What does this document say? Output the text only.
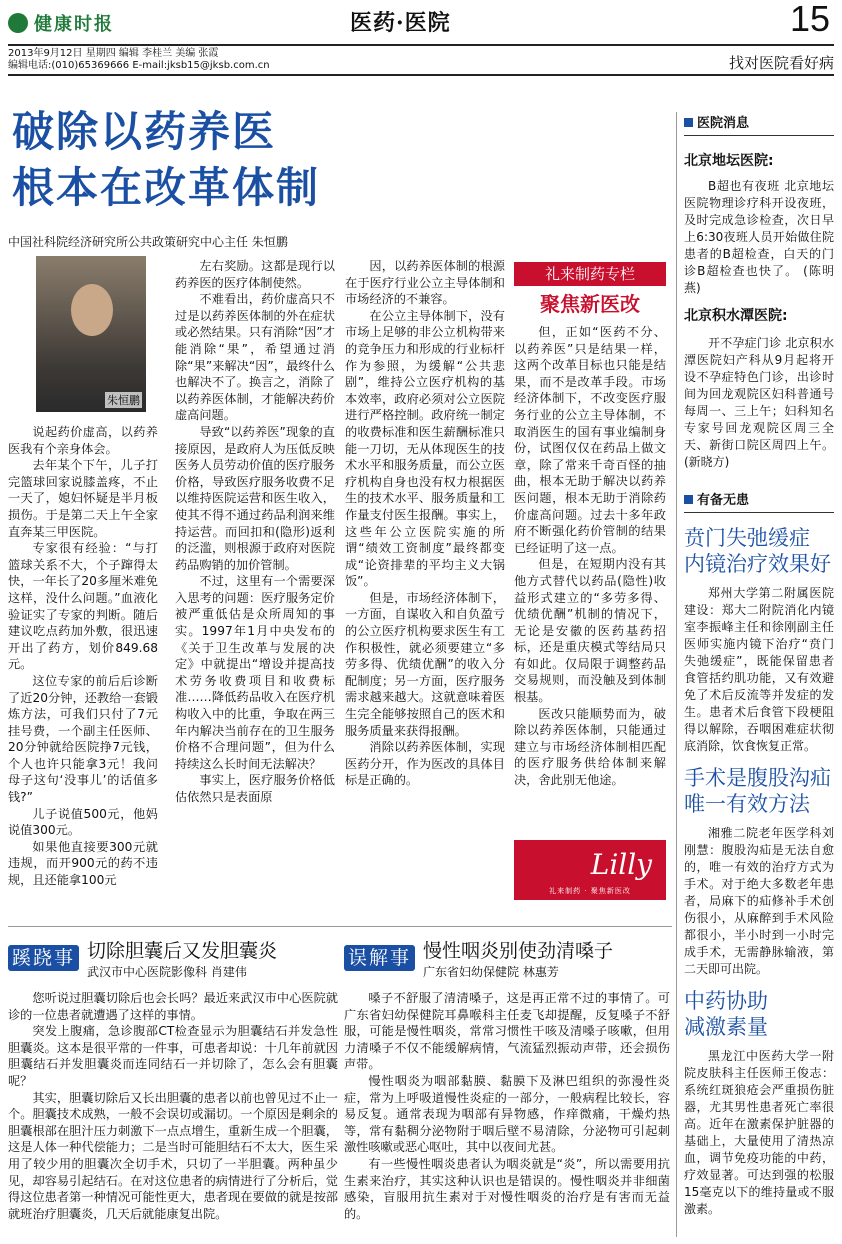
健康时报	医药·医院	15
2013年9月12日 星期四 编辑 李桂兰 美编 张霞
编辑电话:(010)65369666 E-mail:jksb15@jksb.com.cn	找对医院看好病
破除以药养医
根本在改革体制
中国社科院经济研究所公共政策研究中心主任 朱恒鹏
朱恒鹏

说起药价虚高，以药养医我有个亲身体会。

去年某个下午，儿子打完篮球回家说膝盖疼，不止一天了，媳妇怀疑是半月板损伤。于是第二天上午全家直奔某三甲医院。

专家很有经验：“与打篮球关系不大，个子蹿得太快，一年长了20多厘米难免这样，没什么问题。”血液化验证实了专家的判断。随后建议吃点药加外敷，很迅速开出了药方，划价849.68元。

这位专家的前后后诊断了近20分钟，还教给一套锻炼方法，可我们只付了7元挂号费，一个副主任医师、20分钟就给医院挣7元钱，个人也许只能拿3元！我问母子这句‘没事儿’的话值多钱?”

儿子说值500元，他妈说值300元。

如果他直接要300元就违规，而开900元的药不违规，且还能拿100元

左右奖励。这都是现行以药养医的医疗体制使然。

不难看出，药价虚高只不过是以药养医体制的外在症状或必然结果。只有消除“因”才能消除“果”，希望通过消除“果”来解决“因”，最终什么也解决不了。换言之，消除了以药养医体制，才能解决药价虚高问题。

导致“以药养医”现象的直接原因，是政府人为压低反映医务人员劳动价值的医疗服务价格，导致医疗服务收费不足以维持医院运营和医生收入，使其不得不通过药品利润来维持运营。而回扣和(隐形)返利的泛滥，则根源于政府对医院药品购销的加价管制。

不过，这里有一个需要深入思考的问题：医疗服务定价被严重低估是众所周知的事实。1997年1月中央发布的《关于卫生改革与发展的决定》中就提出“增设并提高技术劳务收费项目和收费标准……降低药品收入在医疗机构收入中的比重，争取在两三年内解决当前存在的卫生服务价格不合理问题”，但为什么持续这么长时间无法解决？

事实上，医疗服务价格低估依然只是表面原

因，以药养医体制的根源在于医疗行业公立主导体制和市场经济的不兼容。

在公立主导体制下，没有市场上足够的非公立机构带来的竞争压力和形成的行业标杆作为参照，为缓解“公共悲剧”，维持公立医疗机构的基本效率，政府必须对公立医院进行严格控制。政府统一制定的收费标准和医生薪酬标准只能一刀切，无从体现医生的技术水平和服务质量，而公立医疗机构自身也没有权力根据医生的技术水平、服务质量和工作量支付医生报酬。事实上，这些年公立医院实施的所谓“绩效工资制度”最终都变成“论资排辈的平均主义大锅饭”。

但是，市场经济体制下，一方面，自谋收入和自负盈亏的公立医疗机构要求医生有工作积极性，就必须要建立“多劳多得、优绩优酬”的收入分配制度；另一方面，医疗服务需求越来越大。这就意味着医生完全能够按照自己的医术和服务质量来获得报酬。

消除以药养医体制，实现医药分开，作为医改的具体目标是正确的。

但，正如“医药不分、以药养医”只是结果一样，这两个改革目标也只能是结果，而不是改革手段。市场经济体制下，不改变医疗服务行业的公立主导体制，不取消医生的国有事业编制身份，试图仅仅在药品上做文章，除了常来千奇百怪的抽曲，根本无助于解决以药养医问题，根本无助于消除药价虚高问题。过去十多年政府不断强化药价管制的结果已经证明了这一点。

但是，在短期内没有其他方式替代以药品(隐性)收益形式建立的“多劳多得、优绩优酬”机制的情况下，无论是安徽的医药基药招标，还是重庆模式等结局只有如此。仅局限于调整药品交易规则，而没触及到体制根基。

医改只能顺势而为，破除以药养医体制，只能通过建立与市场经济体制相匹配的医疗服务供给体制来解决，舍此别无他途。

礼来制药专栏
聚焦新医改
Lilly
礼来制药 · 聚焦新医改
蹊跷事 切除胆囊后又发胆囊炎
武汉市中心医院影像科 肖建伟

您听说过胆囊切除后也会长吗？最近来武汉市中心医院就诊的一位患者就遭遇了这样的事情。

突发上腹痛，急诊腹部CT检查显示为胆囊结石并发急性胆囊炎。这本是很平常的一件事，可患者却说：十几年前就因胆囊结石并发胆囊炎而连同结石一并切除了，怎么会有胆囊呢？

其实，胆囊切除后又长出胆囊的患者以前也曾见过不止一个。胆囊技术成熟，一般不会误切或漏切。一个原因是剩余的胆囊根部在胆汁压力刺激下一点点增生，重新生成一个胆囊，这是人体一种代偿能力；二是当时可能胆结石不太大，医生采用了较少用的胆囊次全切手术，只切了一半胆囊。两种虽少见，却容易引起结石。在对这位患者的病情进行了分析后，觉得这位患者第一种情况可能性更大，患者现在要做的就是按部就班治疗胆囊炎，几天后就能康复出院。

误解事 慢性咽炎别使劲清嗓子
广东省妇幼保健院 林惠芳

嗓子不舒服了清清嗓子，这是再正常不过的事情了。可广东省妇幼保健院耳鼻喉科主任麦飞却提醒，反复嗓子不舒服，可能是慢性咽炎，常常习惯性干咳及清嗓子咳嗽，但用力清嗓子不仅不能缓解病情，气流猛烈振动声带，还会损伤声带。

慢性咽炎为咽部黏膜、黏膜下及淋巴组织的弥漫性炎症，常为上呼吸道慢性炎症的一部分，一般病程比较长，容易反复。通常表现为咽部有异物感，作痒微痛，干燥灼热等，常有黏稠分泌物附于咽后壁不易清除，分泌物可引起刺激性咳嗽或恶心呕吐，其中以夜间尤甚。

有一些慢性咽炎患者认为咽炎就是“炎”，所以需要用抗生素来治疗，其实这种认识也是错误的。慢性咽炎并非细菌感染，盲服用抗生素对于对慢性咽炎的治疗是有害而无益的。

医院消息
北京地坛医院:

B超也有夜班 北京地坛医院物理诊疗科开设夜班，及时完成急诊检查，次日早上6:30夜班人员开始做住院患者的B超检查，白天的门诊B超检查也快了。 (陈明燕)

北京积水潭医院:

开不孕症门诊 北京积水潭医院妇产科从9月起将开设不孕症特色门诊，出诊时间为回龙观院区妇科普通号每周一、三上午；妇科知名专家号回龙观院区周三全天、新街口院区周四上午。 (新晓方)

有备无患
贲门失弛缓症
内镜治疗效果好

郑州大学第二附属医院建设：郑大二附院消化内镜室李振峰主任和徐刚副主任医师实施内镜下治疗“贲门失弛缓症”，既能保留患者食管括约肌功能，又有效避免了术后反流等并发症的发生。患者术后食管下段梗阻得以解除，吞咽困难症状彻底消除，饮食恢复正常。

手术是腹股沟疝
唯一有效方法

湘雅二院老年医学科刘刚慧：腹股沟疝是无法自愈的，唯一有效的治疗方式为手术。对于绝大多数老年患者，局麻下的疝修补手术创伤很小，从麻醉到手术风险都很小，半小时到一小时完成手术，无需静脉输液，第二天即可出院。

中药协助
减激素量

黑龙江中医药大学一附院皮肤科主任医师王俊志：系统红斑狼疮会严重损伤脏器，尤其男性患者死亡率很高。近年在激素保护脏器的基础上，大量使用了清热凉血，调节免疫功能的中药，疗效显著。可达到强的松服15毫克以下的维持量或不服激素。
